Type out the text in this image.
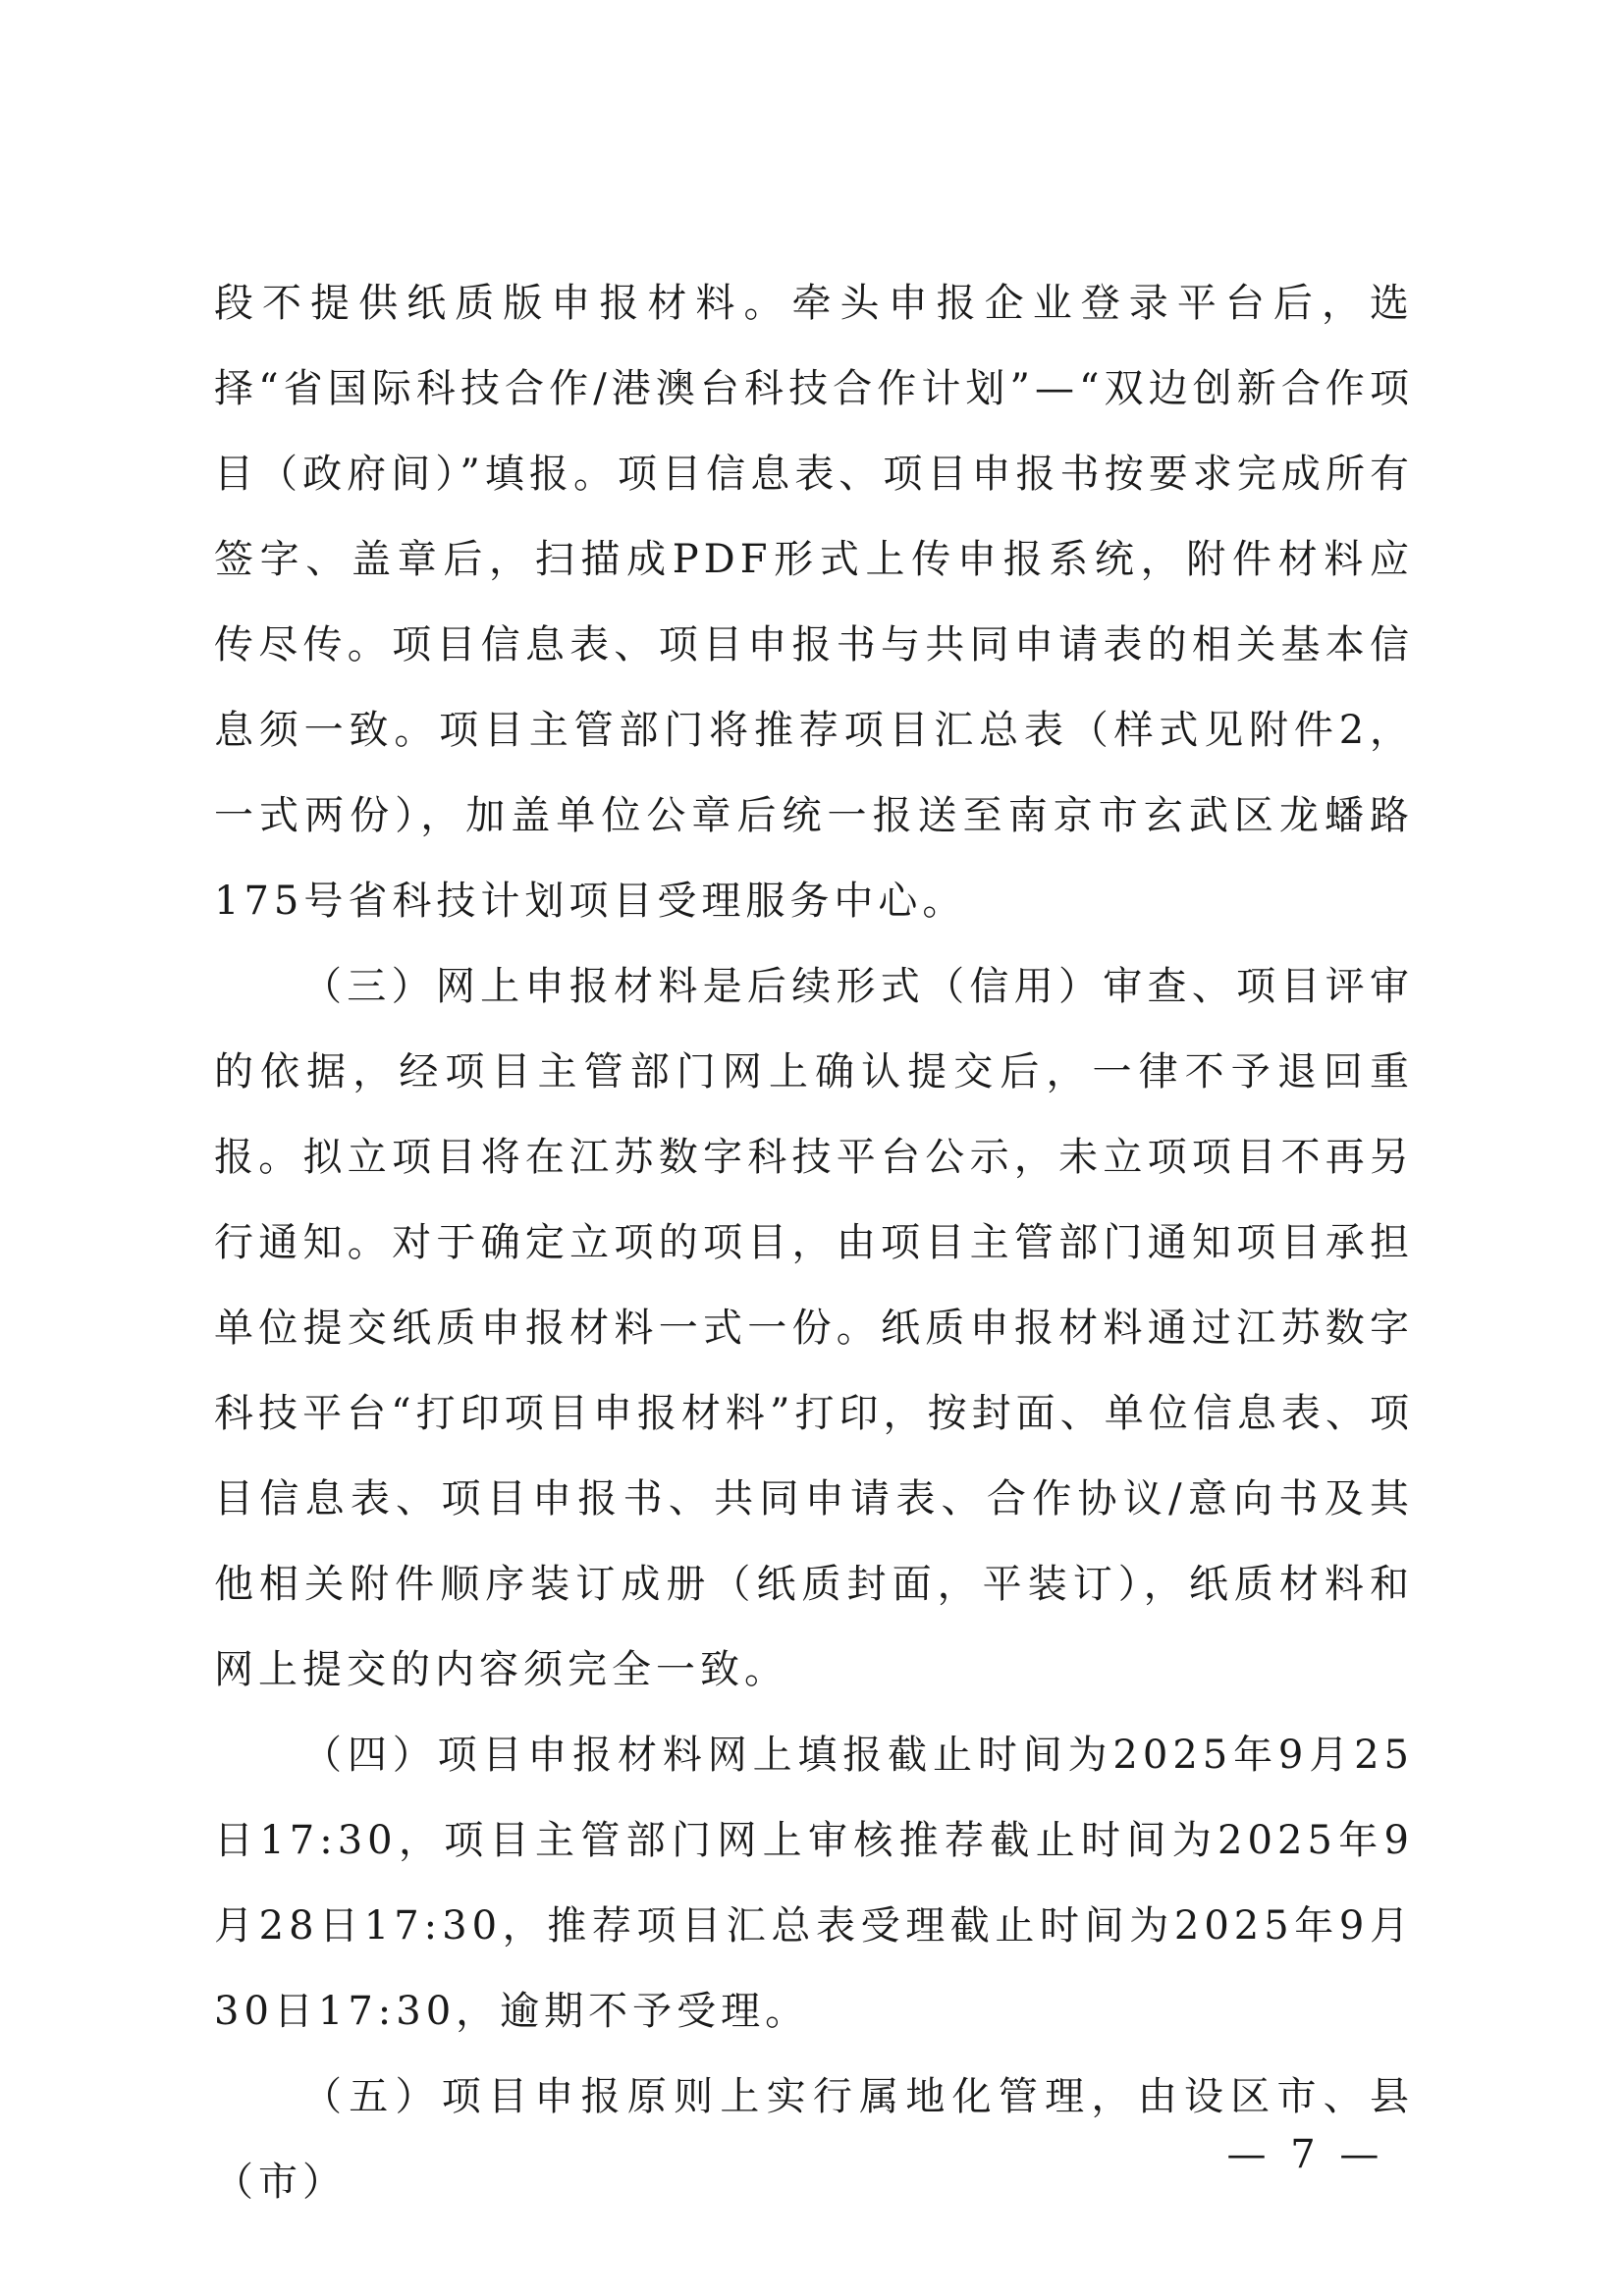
段不提供纸质版申报材料。牵头申报企业登录平台后，选择“省国际科技合作/港澳台科技合作计划”—“双边创新合作项目（政府间）”填报。项目信息表、项目申报书按要求完成所有签字、盖章后，扫描成PDF形式上传申报系统，附件材料应传尽传。项目信息表、项目申报书与共同申请表的相关基本信息须一致。项目主管部门将推荐项目汇总表（样式见附件2，一式两份），加盖单位公章后统一报送至南京市玄武区龙蟠路175号省科技计划项目受理服务中心。

（三）网上申报材料是后续形式（信用）审查、项目评审的依据，经项目主管部门网上确认提交后，一律不予退回重报。拟立项目将在江苏数字科技平台公示，未立项项目不再另行通知。对于确定立项的项目，由项目主管部门通知项目承担单位提交纸质申报材料一式一份。纸质申报材料通过江苏数字科技平台“打印项目申报材料”打印，按封面、单位信息表、项目信息表、项目申报书、共同申请表、合作协议/意向书及其他相关附件顺序装订成册（纸质封面，平装订），纸质材料和网上提交的内容须完全一致。

（四）项目申报材料网上填报截止时间为2025年9月25日17:30，项目主管部门网上审核推荐截止时间为2025年9月28日17:30，推荐项目汇总表受理截止时间为2025年9月30日17:30，逾期不予受理。

（五）项目申报原则上实行属地化管理，由设区市、县（市）

— 7 —
